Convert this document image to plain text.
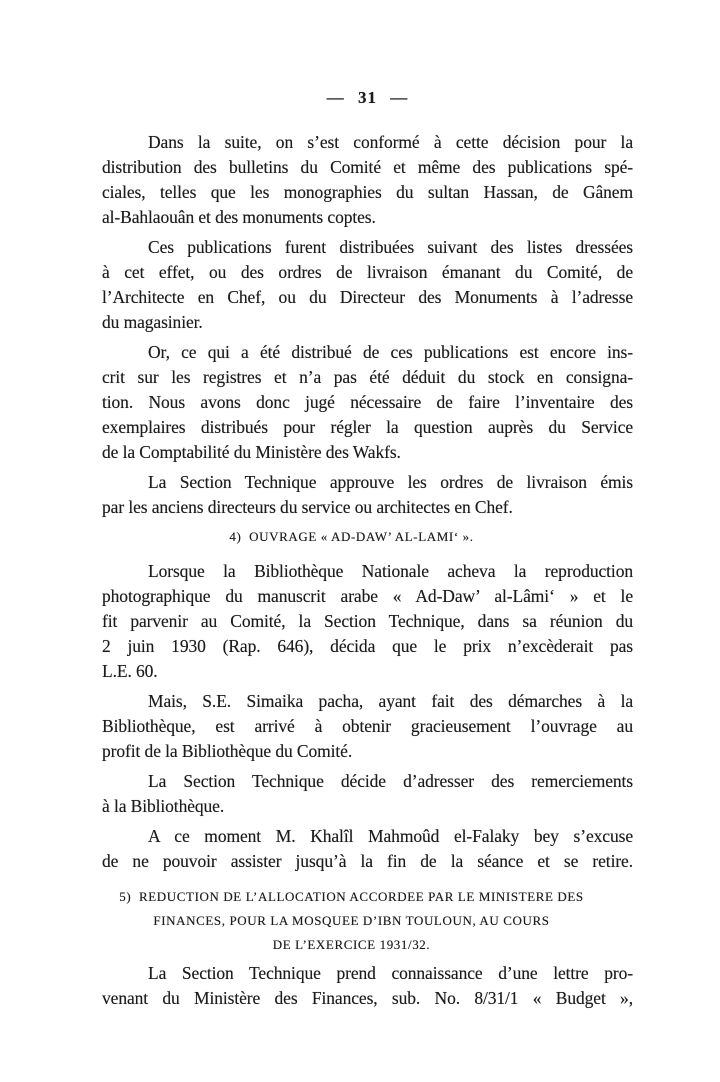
— 31 —
Dans la suite, on s’est conformé à cette décision pour la
distribution des bulletins du Comité et même des publications spé-
ciales, telles que les monographies du sultan Hassan, de Gânem
al-Bahlaouân et des monuments coptes.
Ces publications furent distribuées suivant des listes dressées
à cet effet, ou des ordres de livraison émanant du Comité, de
l’Architecte en Chef, ou du Directeur des Monuments à l’adresse
du magasinier.
Or, ce qui a été distribué de ces publications est encore ins-
crit sur les registres et n’a pas été déduit du stock en consigna-
tion. Nous avons donc jugé nécessaire de faire l’inventaire des
exemplaires distribués pour régler la question auprès du Service
de la Comptabilité du Ministère des Wakfs.
La Section Technique approuve les ordres de livraison émis
par les anciens directeurs du service ou architectes en Chef.
4)  OUVRAGE « AD-DAW’ AL-LAMI‘ ».
Lorsque la Bibliothèque Nationale acheva la reproduction
photographique du manuscrit arabe « Ad-Daw’ al-Lâmi‘ » et le
fit parvenir au Comité, la Section Technique, dans sa réunion du
2 juin 1930 (Rap. 646), décida que le prix n’excèderait pas
L.E. 60.
Mais, S.E. Simaika pacha, ayant fait des démarches à la
Bibliothèque, est arrivé à obtenir gracieusement l’ouvrage au
profit de la Bibliothèque du Comité.
La Section Technique décide d’adresser des remerciements
à la Bibliothèque.
A ce moment M. Khalîl Mahmoûd el-Falaky bey s’excuse
de ne pouvoir assister jusqu’à la fin de la séance et se retire.
5)  REDUCTION DE L’ALLOCATION ACCORDEE PAR LE MINISTERE DES
FINANCES, POUR LA MOSQUEE D’IBN TOULOUN, AU COURS
DE L’EXERCICE 1931/32.
La Section Technique prend connaissance d’une lettre pro-
venant du Ministère des Finances, sub. No. 8/31/1 « Budget »,
